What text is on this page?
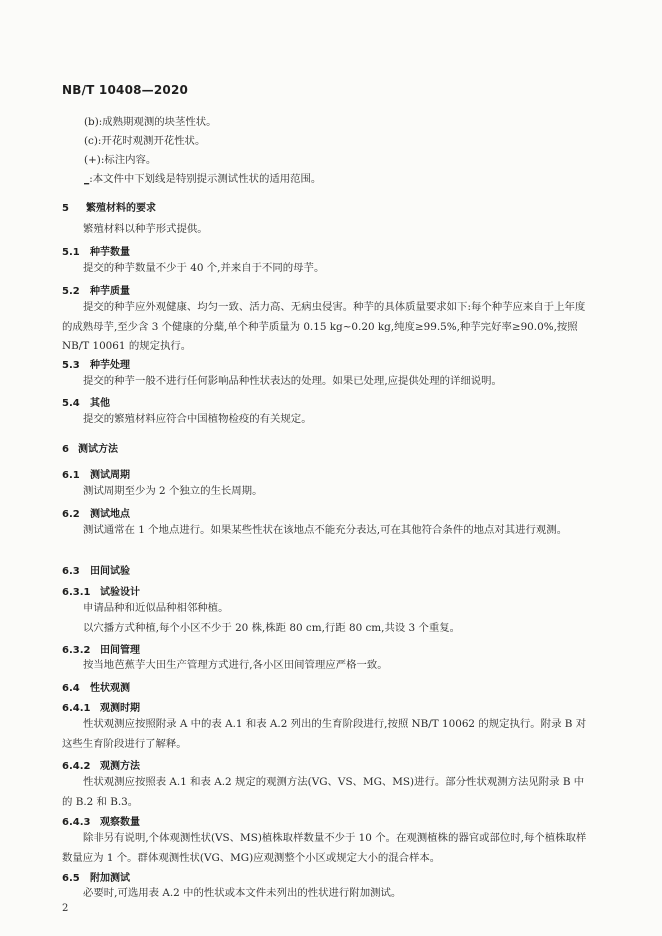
NB/T 10408—2020
(b):成熟期观测的块茎性状。
(c):开花时观测开花性状。
(+):标注内容。
_:本文件中下划线是特别提示测试性状的适用范围。
5 繁殖材料的要求
繁殖材料以种芋形式提供。
5.1 种芋数量
提交的种芋数量不少于 40 个,并来自于不同的母芋。
5.2 种芋质量
提交的种芋应外观健康、均匀一致、活力高、无病虫侵害。种芋的具体质量要求如下:每个种芋应来自于上年度的成熟母芋,至少含 3 个健康的分蘖,单个种芋质量为 0.15 kg~0.20 kg,纯度≥99.5%,种芋完好率≥90.0%,按照 NB/T 10061 的规定执行。
5.3 种芋处理
提交的种芋一般不进行任何影响品种性状表达的处理。如果已处理,应提供处理的详细说明。
5.4 其他
提交的繁殖材料应符合中国植物检疫的有关规定。
6 测试方法
6.1 测试周期
测试周期至少为 2 个独立的生长周期。
6.2 测试地点
测试通常在 1 个地点进行。如果某些性状在该地点不能充分表达,可在其他符合条件的地点对其进行观测。
6.3 田间试验
6.3.1 试验设计
申请品种和近似品种相邻种植。
以穴播方式种植,每个小区不少于 20 株,株距 80 cm,行距 80 cm,共设 3 个重复。
6.3.2 田间管理
按当地芭蕉芋大田生产管理方式进行,各小区田间管理应严格一致。
6.4 性状观测
6.4.1 观测时期
性状观测应按照附录 A 中的表 A.1 和表 A.2 列出的生育阶段进行,按照 NB/T 10062 的规定执行。附录 B 对这些生育阶段进行了解释。
6.4.2 观测方法
性状观测应按照表 A.1 和表 A.2 规定的观测方法(VG、VS、MG、MS)进行。部分性状观测方法见附录 B 中的 B.2 和 B.3。
6.4.3 观察数量
除非另有说明,个体观测性状(VS、MS)植株取样数量不少于 10 个。在观测植株的器官或部位时,每个植株取样数量应为 1 个。群体观测性状(VG、MG)应观测整个小区或规定大小的混合样本。
6.5 附加测试
必要时,可选用表 A.2 中的性状或本文件未列出的性状进行附加测试。
2
